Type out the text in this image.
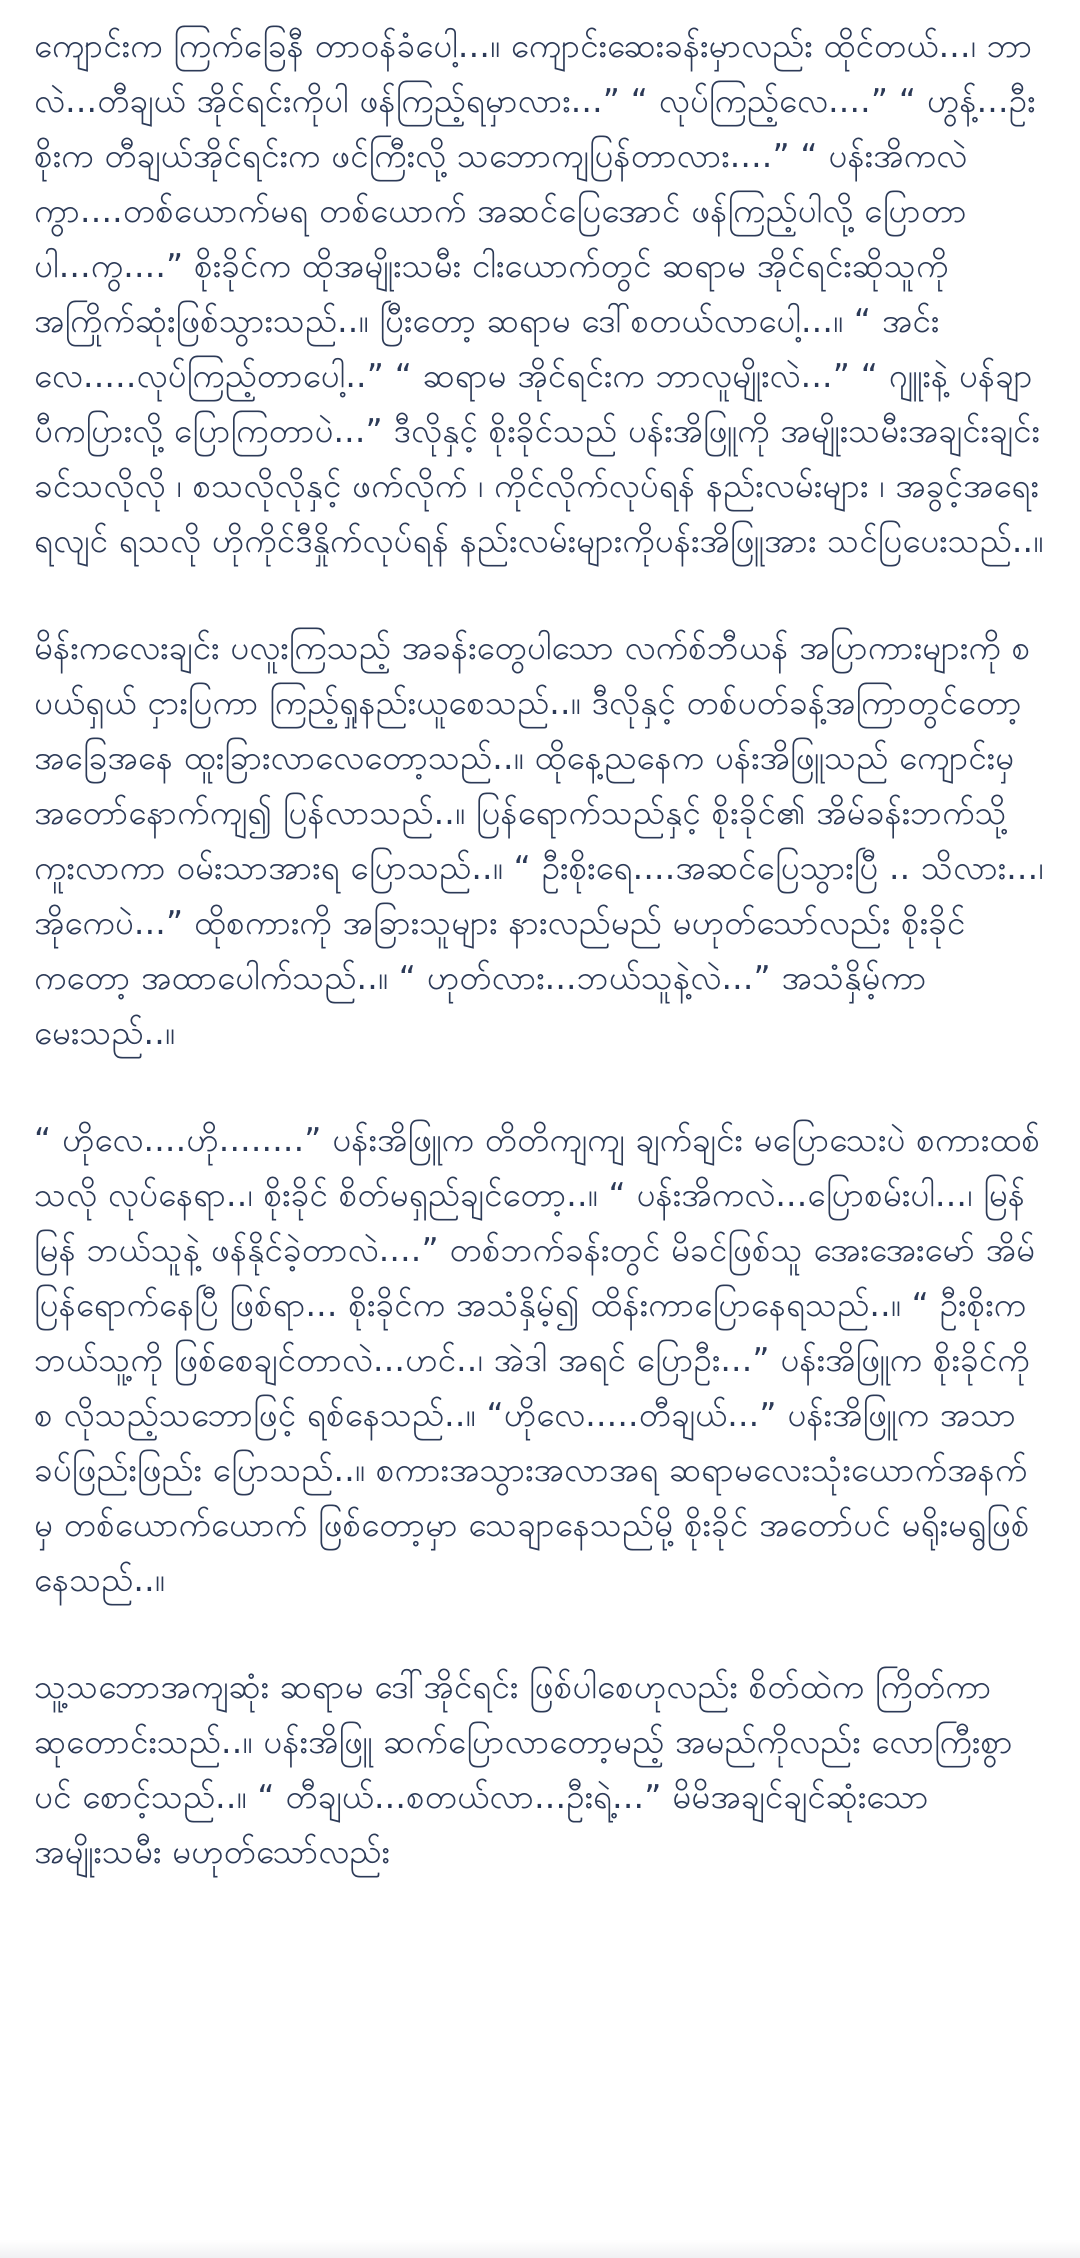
ကျောင်းက ကြက်ခြေနီ တာဝန်ခံပေါ့...။ ကျောင်းဆေးခန်းမှာလည်း ထိုင်တယ်...၊ ဘာလဲ...တီချယ် အိုင်ရင်းကိုပါ ဖန်ကြည့်ရမှာလား...” “ လုပ်ကြည့်လေ....” “ ဟွန့်...ဦးစိုးက တီချယ်အိုင်ရင်းက ဖင်ကြီးလို့ သဘောကျပြန်တာလား....” “ ပန်းအိကလဲကွာ....တစ်ယောက်မရ တစ်ယောက် အဆင်ပြေအောင် ဖန်ကြည့်ပါလို့ ပြောတာပါ...ကွ....” စိုးခိုင်က ထိုအမျိုးသမီး ငါးယောက်တွင် ဆရာမ အိုင်ရင်းဆိုသူကို အကြိုက်ဆုံးဖြစ်သွားသည်..။ ပြီးတော့ ဆရာမ ဒေါ်စတယ်လာပေါ့...။ “ အင်းလေ.....လုပ်ကြည့်တာပေါ့..” “ ဆရာမ အိုင်ရင်းက ဘာလူမျိုးလဲ...” “ ဂျူးနဲ့ ပန်ချာပီကပြားလို့ ပြောကြတာပဲ...” ဒီလိုနှင့် စိုးခိုင်သည် ပန်းအိဖြူကို အမျိုးသမီးအချင်းချင်း ခင်သလိုလို ၊ စသလိုလိုနှင့် ဖက်လိုက် ၊ ကိုင်လိုက်လုပ်ရန် နည်းလမ်းများ ၊ အခွင့်အရေး ရလျင် ရသလို ဟိုကိုင်ဒီနှိုက်လုပ်ရန် နည်းလမ်းများကိုပန်းအိဖြူအား သင်ပြပေးသည်..။

မိန်းကလေးချင်း ပလူးကြသည့် အခန်းတွေပါသော လက်စ်ဘီယန် အပြာကားများကို စပယ်ရှယ် ငှားပြကာ ကြည့်ရှုနည်းယူစေသည်..။ ဒီလိုနှင့် တစ်ပတ်ခန့်အကြာတွင်တော့ အခြေအနေ ထူးခြားလာလေတော့သည်..။ ထိုနေ့ညနေက ပန်းအိဖြူသည် ကျောင်းမှ အတော်နောက်ကျ၍ ပြန်လာသည်..။ ပြန်ရောက်သည်နှင့် စိုးခိုင်၏ အိမ်ခန်းဘက်သို့ ကူးလာကာ ဝမ်းသာအားရ ပြောသည်..။ “ ဦးစိုးရေ....အဆင်ပြေသွားပြီ .. သိလား...၊ အိုကေပဲ...” ထိုစကားကို အခြားသူများ နားလည်မည် မဟုတ်သော်လည်း စိုးခိုင်ကတော့ အထာပေါက်သည်..။ “ ဟုတ်လား...ဘယ်သူနဲ့လဲ...” အသံနှိမ့်ကာ မေးသည်..။

“ ဟိုလေ....ဟို........” ပန်းအိဖြူက တိတိကျကျ ချက်ချင်း မပြောသေးပဲ စကားထစ်သလို လုပ်နေရာ..၊ စိုးခိုင် စိတ်မရှည်ချင်တော့..။ “ ပန်းအိကလဲ...ပြောစမ်းပါ...၊ မြန်မြန် ဘယ်သူနဲ့ ဖန်နိုင်ခဲ့တာလဲ....” တစ်ဘက်ခန်းတွင် မိခင်ဖြစ်သူ အေးအေးမော် အိမ်ပြန်ရောက်နေပြီ ဖြစ်ရာ... စိုးခိုင်က အသံနှိမ့်၍ ထိန်းကာပြောနေရသည်..။ “ ဦးစိုးက ဘယ်သူ့ကို ဖြစ်စေချင်တာလဲ...ဟင်..၊ အဲဒါ အရင် ပြောဦး...” ပန်းအိဖြူက စိုးခိုင်ကို စ လိုသည့်သဘောဖြင့် ရစ်နေသည်..။ “ဟိုလေ.....တီချယ်...” ပန်းအိဖြူက အသာ ခပ်ဖြည်းဖြည်း ပြောသည်..။ စကားအသွားအလာအရ ဆရာမလေးသုံးယောက်အနက်မှ တစ်ယောက်ယောက် ဖြစ်တော့မှာ သေချာနေသည်မို့ စိုးခိုင် အတော်ပင် မရိုးမရွဖြစ်နေသည်..။

သူ့သဘောအကျဆုံး ဆရာမ ဒေါ်အိုင်ရင်း ဖြစ်ပါစေဟုလည်း စိတ်ထဲက ကြိတ်ကာဆုတောင်းသည်..။ ပန်းအိဖြူ ဆက်ပြောလာတော့မည့် အမည်ကိုလည်း လောကြီးစွာပင် စောင့်သည်..။ “ တီချယ်...စတယ်လာ...ဦးရဲ့...” မိမိအချင်ချင်ဆုံးသော အမျိုးသမီး မဟုတ်သော်လည်း
